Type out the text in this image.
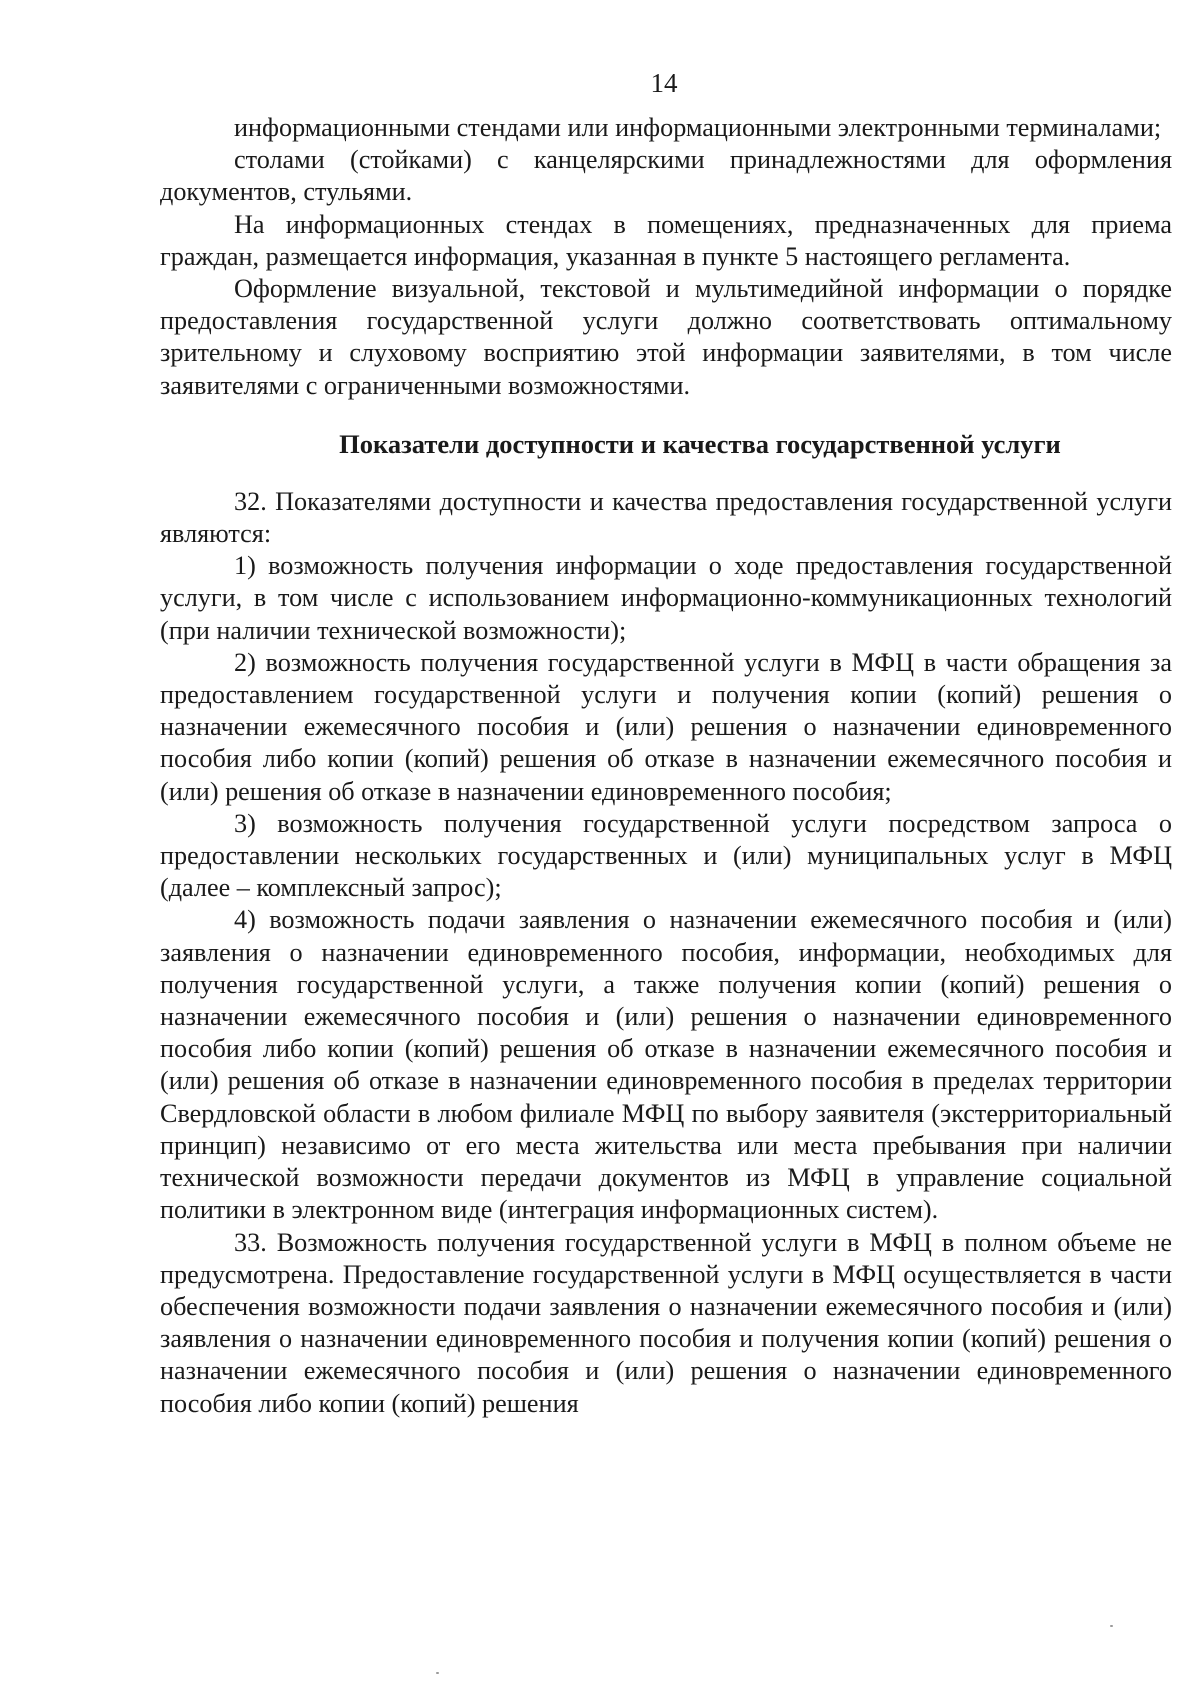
14

информационными стендами или информационными электронными терминалами;

столами (стойками) с канцелярскими принадлежностями для оформления документов, стульями.

На информационных стендах в помещениях, предназначенных для приема граждан, размещается информация, указанная в пункте 5 настоящего регламента.

Оформление визуальной, текстовой и мультимедийной информации о порядке предоставления государственной услуги должно соответствовать оптимальному зрительному и слуховому восприятию этой информации заявителями, в том числе заявителями с ограниченными возможностями.

Показатели доступности и качества государственной услуги

32. Показателями доступности и качества предоставления государственной услуги являются:

1) возможность получения информации о ходе предоставления государственной услуги, в том числе с использованием информационно-коммуникационных технологий (при наличии технической возможности);

2) возможность получения государственной услуги в МФЦ в части обращения за предоставлением государственной услуги и получения копии (копий) решения о назначении ежемесячного пособия и (или) решения о назначении единовременного пособия либо копии (копий) решения об отказе в назначении ежемесячного пособия и (или) решения об отказе в назначении единовременного пособия;

3) возможность получения государственной услуги посредством запроса о предоставлении нескольких государственных и (или) муниципальных услуг в МФЦ (далее – комплексный запрос);

4) возможность подачи заявления о назначении ежемесячного пособия и (или) заявления о назначении единовременного пособия, информации, необходимых для получения государственной услуги, а также получения копии (копий) решения о назначении ежемесячного пособия и (или) решения о назначении единовременного пособия либо копии (копий) решения об отказе в назначении ежемесячного пособия и (или) решения об отказе в назначении единовременного пособия в пределах территории Свердловской области в любом филиале МФЦ по выбору заявителя (экстерриториальный принцип) независимо от его места жительства или места пребывания при наличии технической возможности передачи документов из МФЦ в управление социальной политики в электронном виде (интеграция информационных систем).

33. Возможность получения государственной услуги в МФЦ в полном объеме не предусмотрена. Предоставление государственной услуги в МФЦ осуществляется в части обеспечения возможности подачи заявления о назначении ежемесячного пособия и (или) заявления о назначении единовременного пособия и получения копии (копий) решения о назначении ежемесячного пособия и (или) решения о назначении единовременного пособия либо копии (копий) решения
